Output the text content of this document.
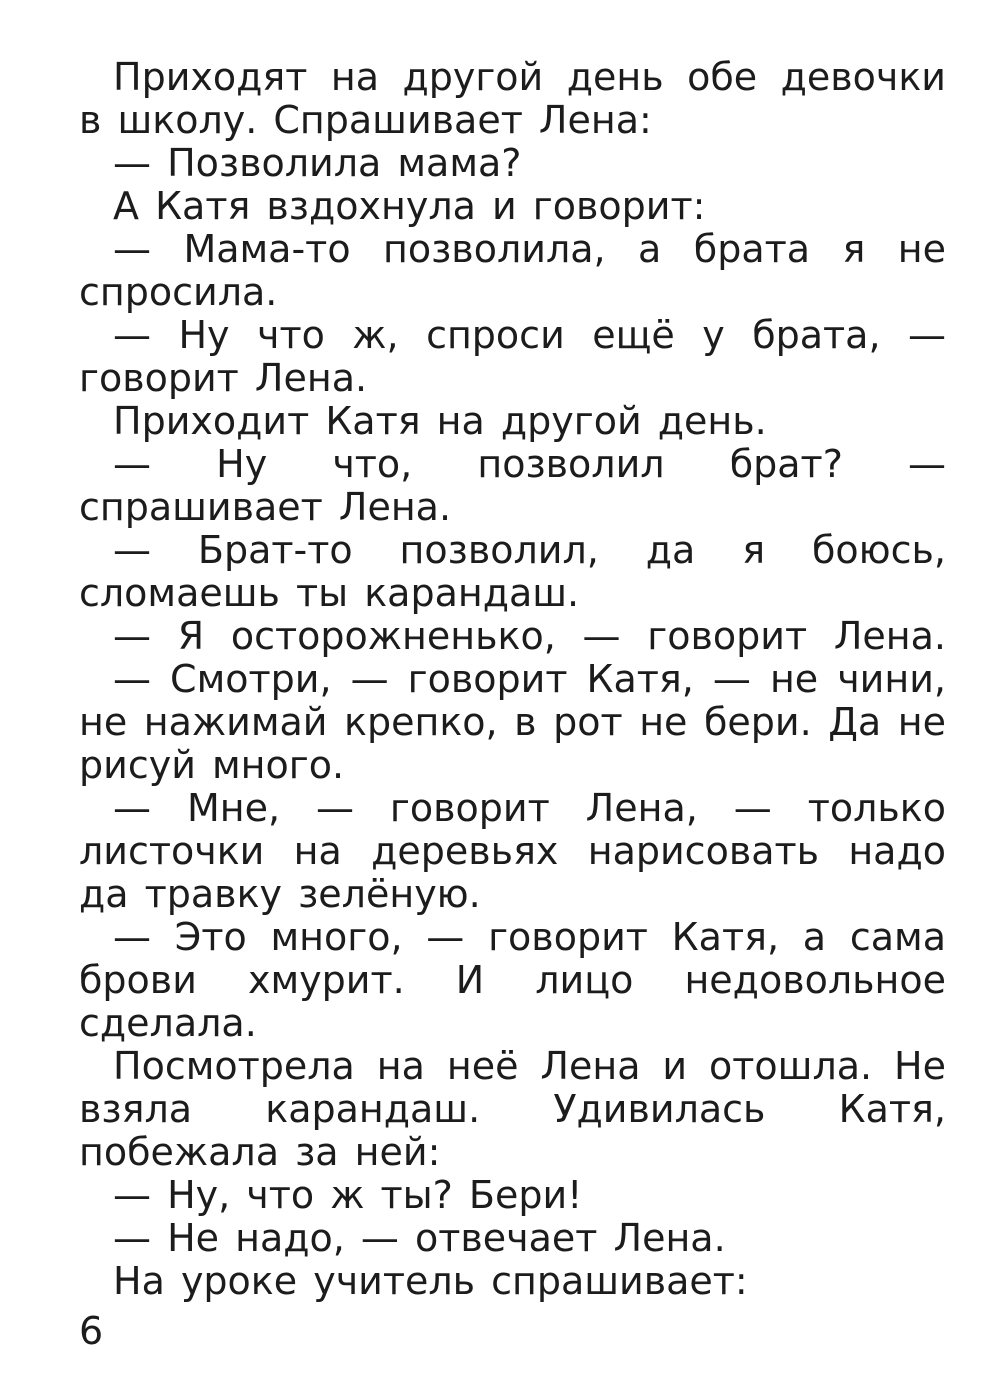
Приходят на другой день обе девочки в школу. Спрашивает Лена:

— Позволила мама?

А Катя вздохнула и говорит:

— Мама-то позволила, а брата я не спросила.

— Ну что ж, спроси ещё у брата, — говорит Лена.

Приходит Катя на другой день.

— Ну что, позволил брат? — спрашивает Лена.

— Брат-то позволил, да я боюсь, сломаешь ты карандаш.

— Я осторожненько, — говорит Лена.

— Смотри, — говорит Катя, — не чини, не нажимай крепко, в рот не бери. Да не рисуй много.

— Мне, — говорит Лена, — только листочки на деревьях нарисовать надо да травку зелёную.

— Это много, — говорит Катя, а сама брови хмурит. И лицо недовольное сделала.

Посмотрела на неё Лена и отошла. Не взяла карандаш. Удивилась Катя, побежала за ней:

— Ну, что ж ты? Бери!

— Не надо, — отвечает Лена.

На уроке учитель спрашивает:

6
